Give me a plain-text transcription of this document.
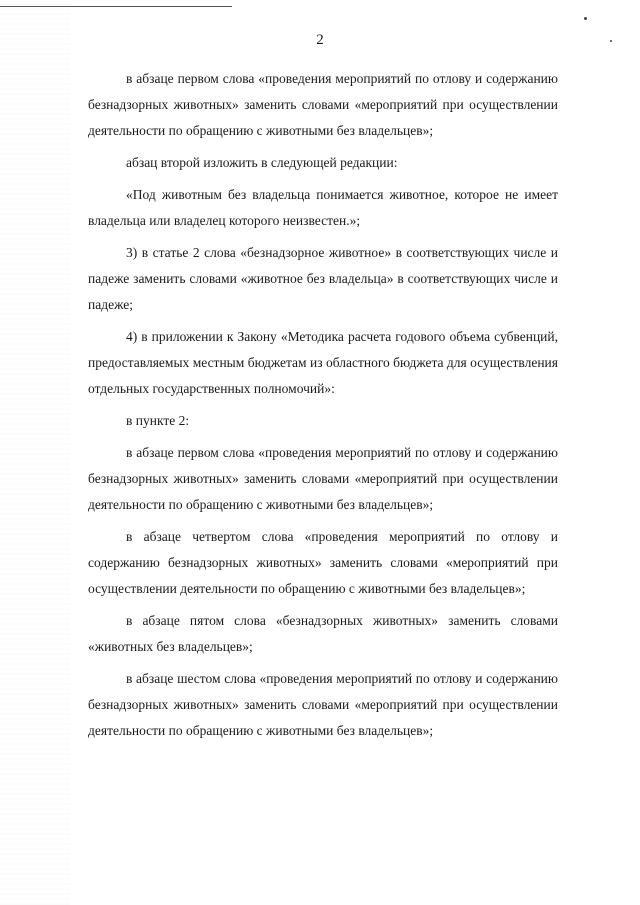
2

в абзаце первом слова «проведения мероприятий по отлову и содержанию безнадзорных животных» заменить словами «мероприятий при осуществлении деятельности по обращению с животными без владельцев»;

абзац второй изложить в следующей редакции:

«Под животным без владельца понимается животное, которое не имеет владельца или владелец которого неизвестен.»;

3) в статье 2 слова «безнадзорное животное» в соответствующих числе и падеже заменить словами «животное без владельца» в соответствующих числе и падеже;

4) в приложении к Закону «Методика расчета годового объема субвенций, предоставляемых местным бюджетам из областного бюджета для осуществления отдельных государственных полномочий»:

в пункте 2:

в абзаце первом слова «проведения мероприятий по отлову и содержанию безнадзорных животных» заменить словами «мероприятий при осуществлении деятельности по обращению с животными без владельцев»;

в абзаце четвертом слова «проведения мероприятий по отлову и содержанию безнадзорных животных» заменить словами «мероприятий при осуществлении деятельности по обращению с животными без владельцев»;

в абзаце пятом слова «безнадзорных животных» заменить словами «животных без владельцев»;

в абзаце шестом слова «проведения мероприятий по отлову и содержанию безнадзорных животных» заменить словами «мероприятий при осуществлении деятельности по обращению с животными без владельцев»;
